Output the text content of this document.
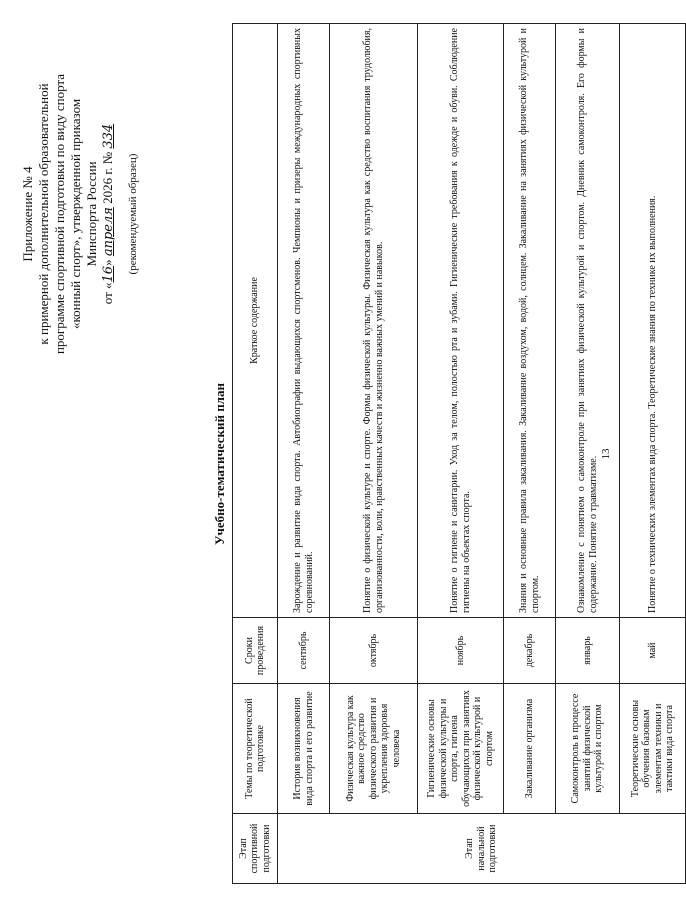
13
Приложение № 4 к примерной дополнительной образовательной программе спортивной подготовки по виду спорта «конный спорт», утвержденной приказом Минспорта России
от «16» апреля 2026 г. № 334
(рекомендуемый образец)
Учебно-тематический план
Этап спортивной подготовки	Темы по теоретической подготовке	Сроки проведения	Краткое содержание
Этап начальной подготовки	История возникновения вида спорта и его развитие	сентябрь	Зарождение и развитие вида спорта. Автобиографии выдающихся спортсменов. Чемпионы и призеры международных спортивных соревнований.
	Физическая культура как важное средство физического развития и укрепления здоровья человека	октябрь	Понятие о физической культуре и спорте. Формы физической культуры. Физическая культура как средство воспитания трудолюбия, организованности, воли, нравственных качеств и жизненно важных умений и навыков.
	Гигиенические основы физической культуры и спорта, гигиена обучающихся при занятиях физической культурой и спортом	ноябрь	Понятие о гигиене и санитарии. Уход за телом, полостью рта и зубами. Гигиенические требования к одежде и обуви. Соблюдение гигиены на объектах спорта.
	Закаливание организма	декабрь	Знания и основные правила закаливания. Закаливание воздухом, водой, солнцем. Закаливание на занятиях физической культурой и спортом.
	Самоконтроль в процессе занятий физической культурой и спортом	январь	Ознакомление с понятием о самоконтроле при занятиях физической культурой и спортом. Дневник самоконтроля. Его формы и содержание. Понятие о травматизме.
	Теоретические основы обучения базовым элементам техники и тактики вида спорта	май	Понятие о технических элементах вида спорта. Теоретические знания по технике их выполнения.
